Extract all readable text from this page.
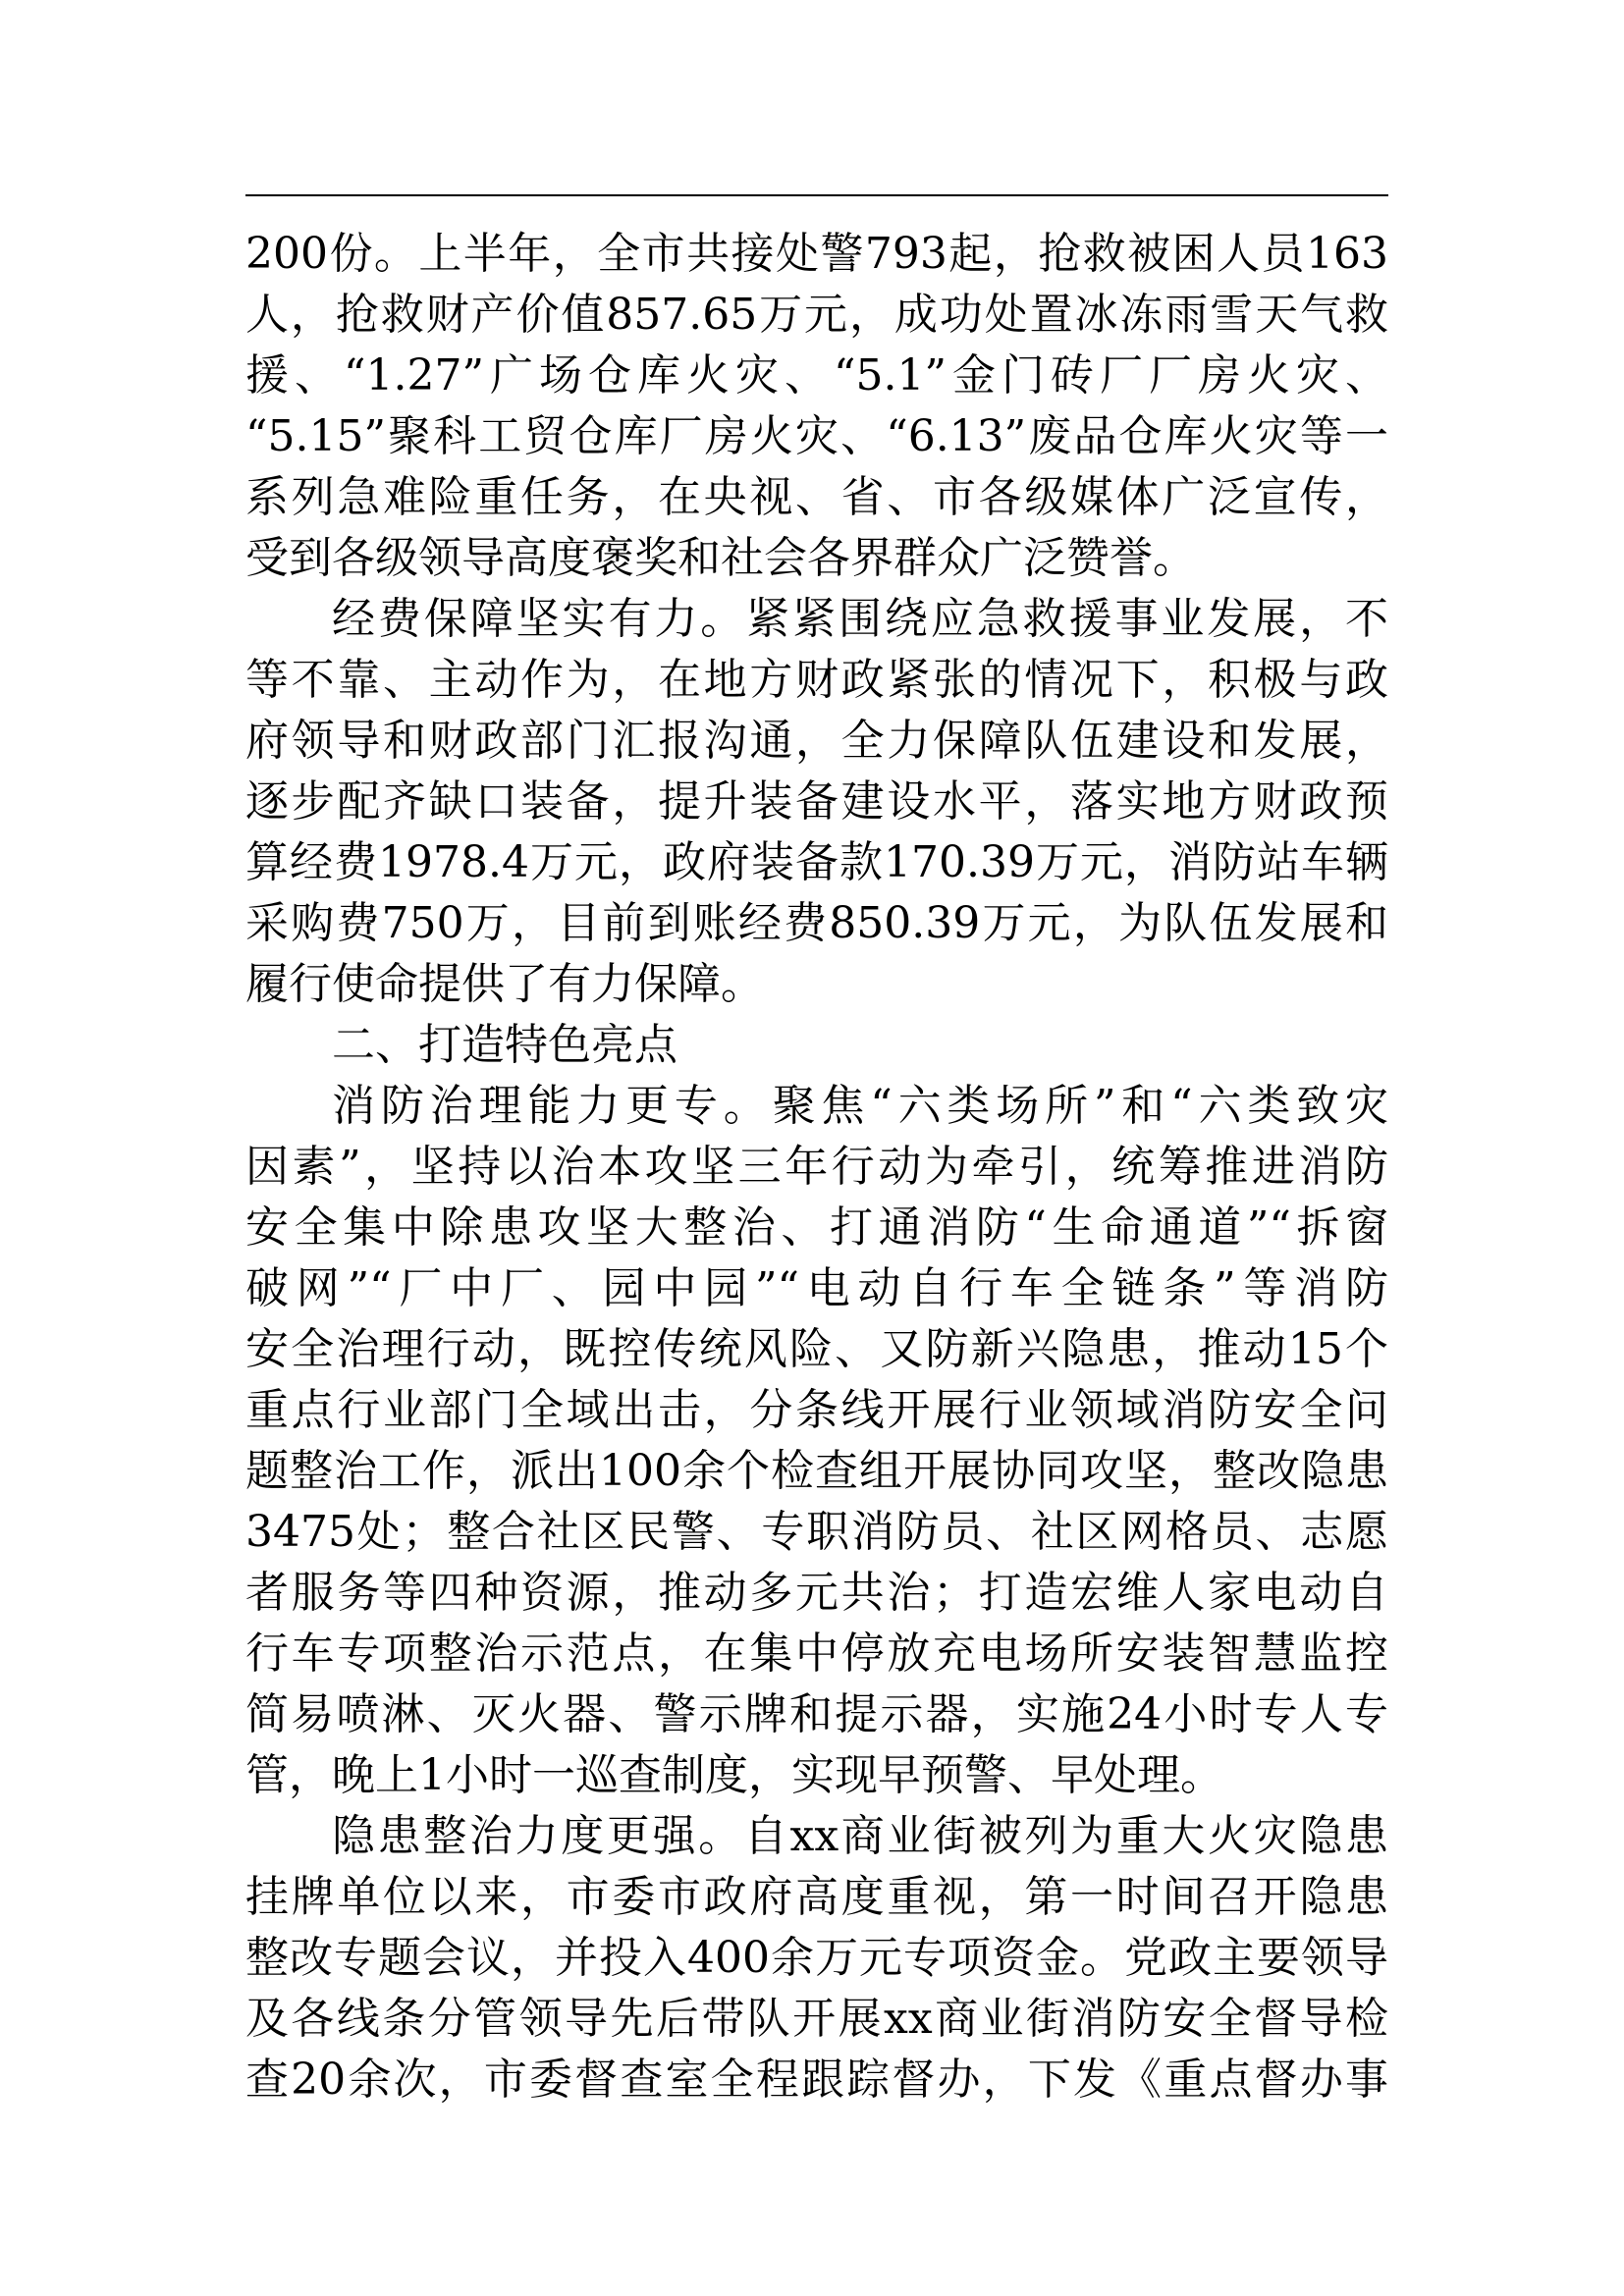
200份。上半年，全市共接处警793起，抢救被困人员163
人，抢救财产价值857.65万元，成功处置冰冻雨雪天气救
援、“1.27”广场仓库火灾、“5.1”金门砖厂厂房火灾、
“5.15”聚科工贸仓库厂房火灾、“6.13”废品仓库火灾等一
系列急难险重任务，在央视、省、市各级媒体广泛宣传，
受到各级领导高度褒奖和社会各界群众广泛赞誉。
经费保障坚实有力。紧紧围绕应急救援事业发展，不
等不靠、主动作为，在地方财政紧张的情况下，积极与政
府领导和财政部门汇报沟通，全力保障队伍建设和发展，
逐步配齐缺口装备，提升装备建设水平，落实地方财政预
算经费1978.4万元，政府装备款170.39万元，消防站车辆
采购费750万，目前到账经费850.39万元，为队伍发展和
履行使命提供了有力保障。
二、打造特色亮点
消防治理能力更专。聚焦“六类场所”和“六类致灾
因素”，坚持以治本攻坚三年行动为牵引，统筹推进消防
安全集中除患攻坚大整治、打通消防“生命通道”“拆窗
破网”“厂中厂、园中园”“电动自行车全链条”等消防
安全治理行动，既控传统风险、又防新兴隐患，推动15个
重点行业部门全域出击，分条线开展行业领域消防安全问
题整治工作，派出100余个检查组开展协同攻坚，整改隐患
3475处；整合社区民警、专职消防员、社区网格员、志愿
者服务等四种资源，推动多元共治；打造宏维人家电动自
行车专项整治示范点，在集中停放充电场所安装智慧监控
简易喷淋、灭火器、警示牌和提示器，实施24小时专人专
管，晚上1小时一巡查制度，实现早预警、早处理。
隐患整治力度更强。自xx商业街被列为重大火灾隐患
挂牌单位以来，市委市政府高度重视，第一时间召开隐患
整改专题会议，并投入400余万元专项资金。党政主要领导
及各线条分管领导先后带队开展xx商业街消防安全督导检
查20余次，市委督查室全程跟踪督办，下发《重点督办事
